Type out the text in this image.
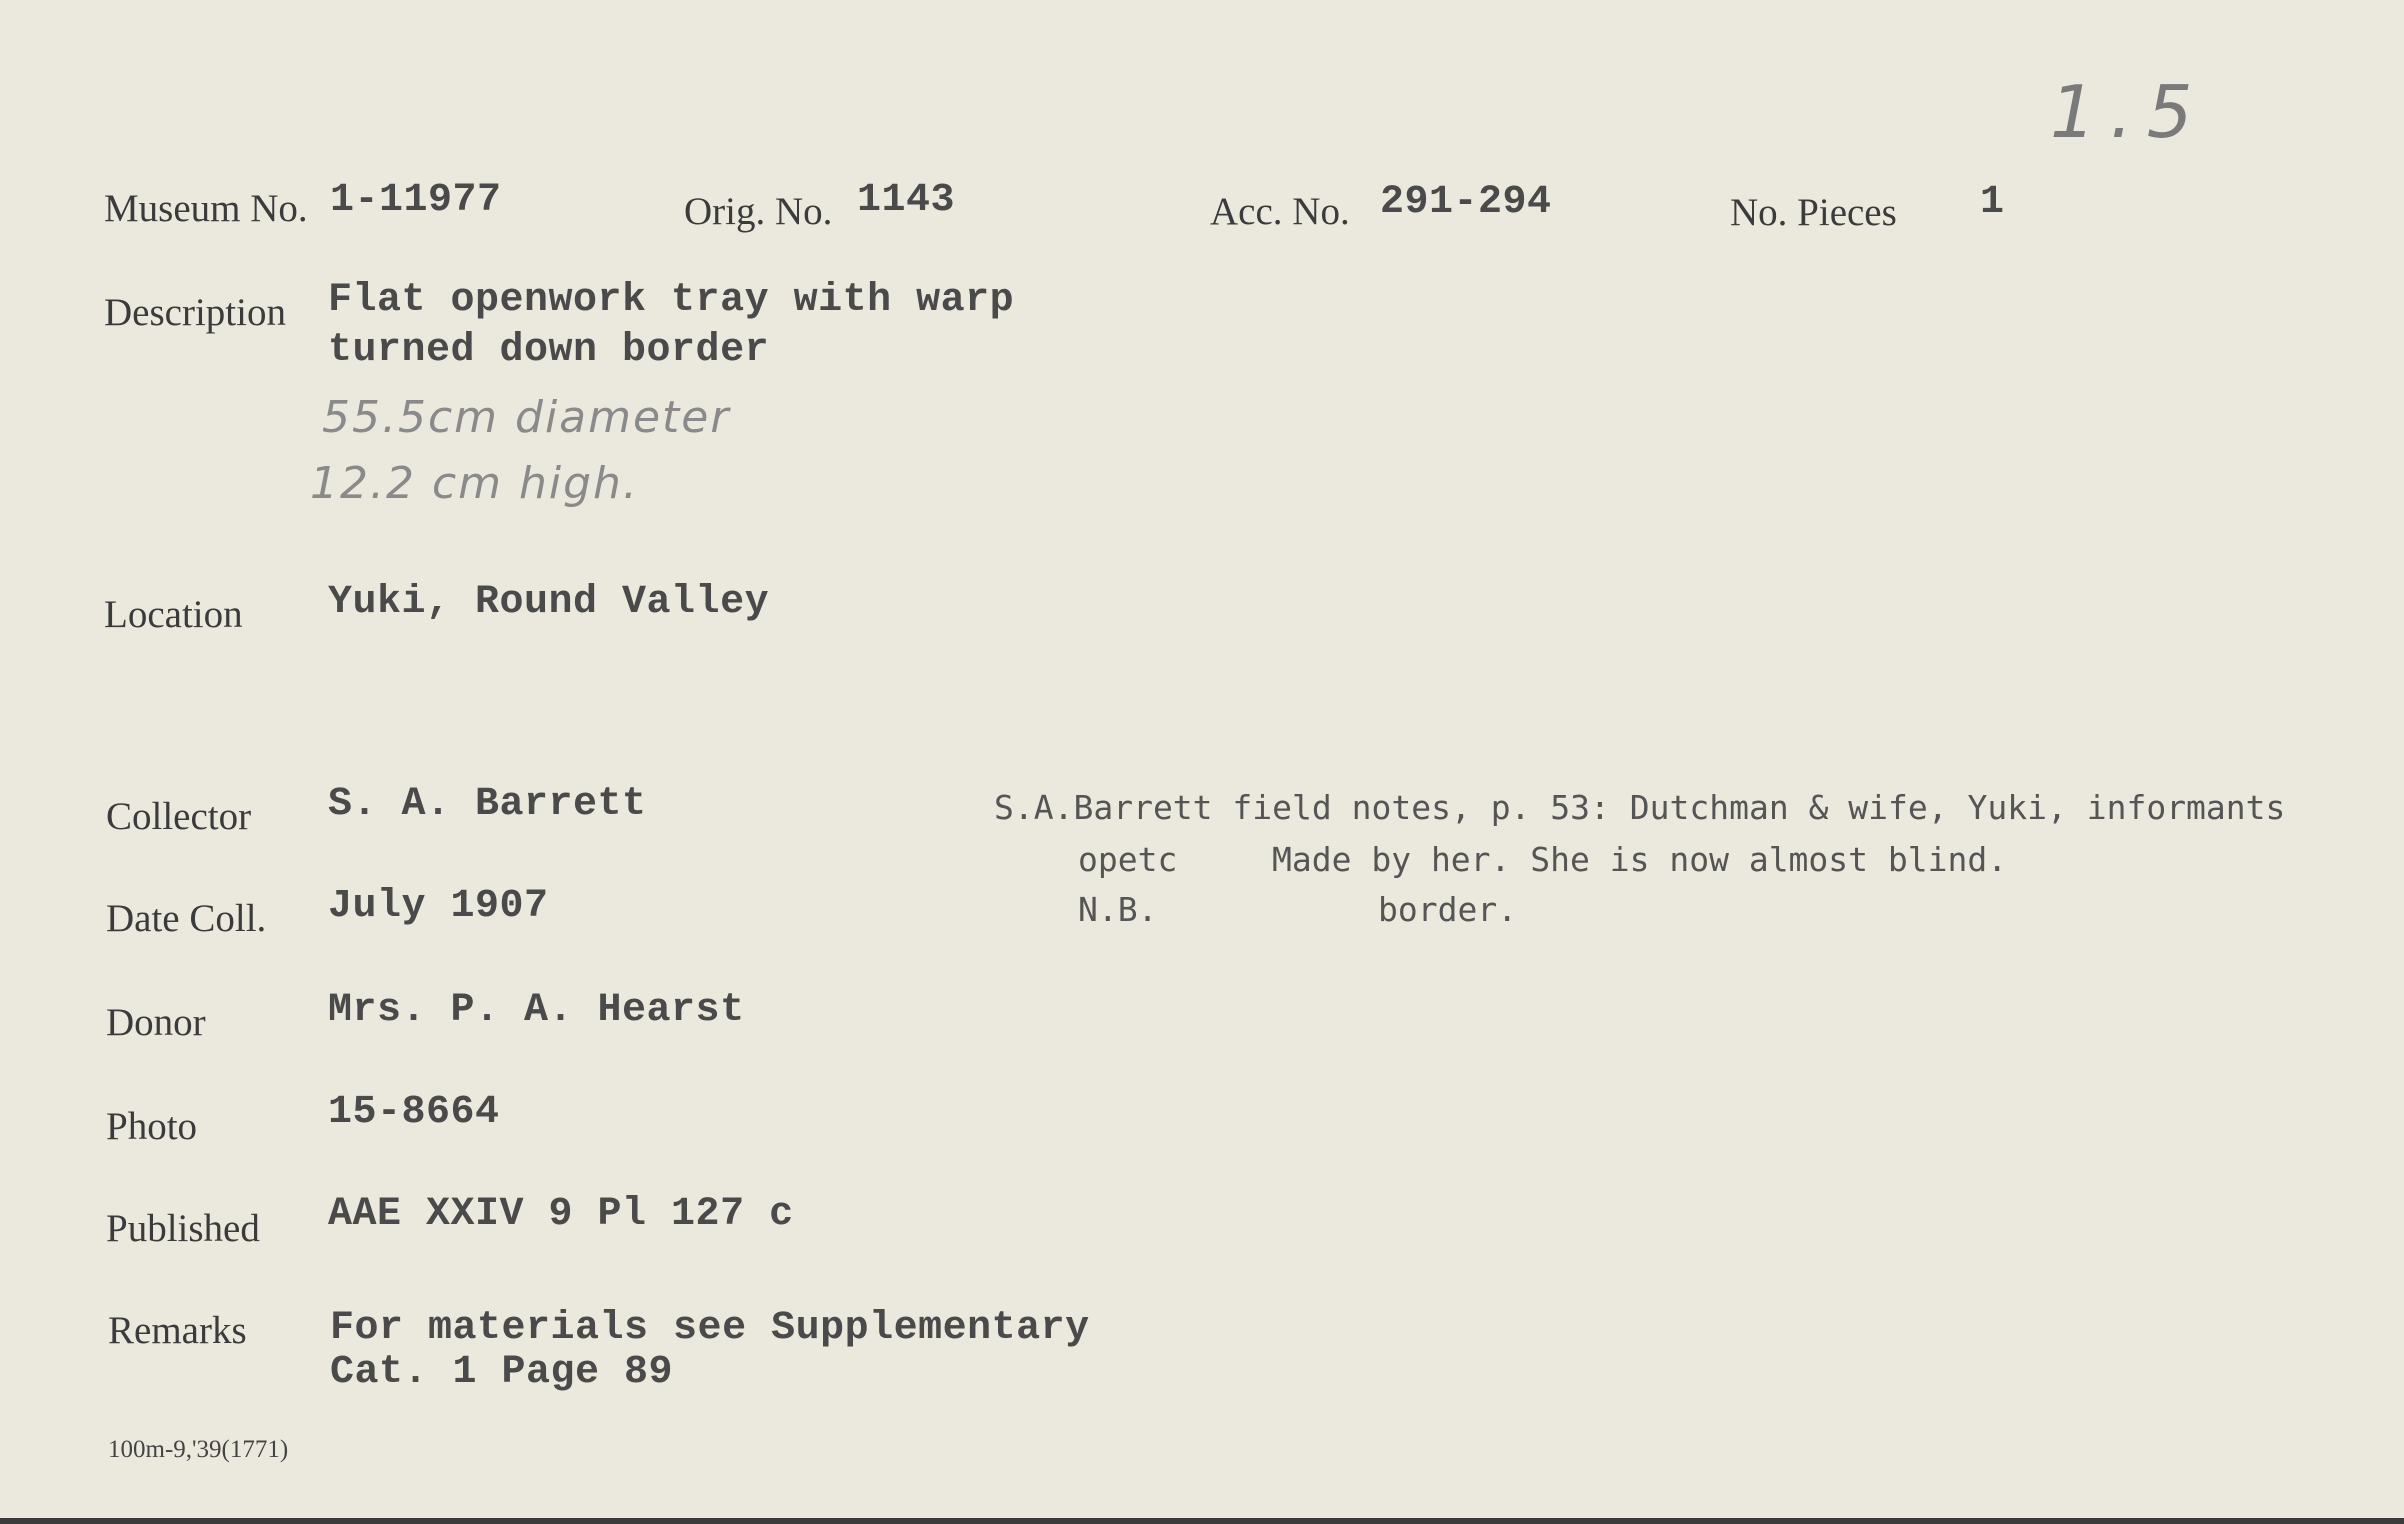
1.5
Museum No. 1-11977	Orig. No. 1143	Acc. No. 291-294	No. Pieces 1
Description Flat openwork tray with warp
turned down border
55.5cm diameter
12.2 cm high.
Location Yuki, Round Valley
Collector S. A. Barrett	S.A.Barrett field notes, p. 53: Dutchman & wife, Yuki, informants
opetc	Made by her. She is now almost blind.
N.B.	border.
Date Coll. July 1907
Donor	Mrs. P. A. Hearst
Photo	15-8664
Published AAE XXIV 9 Pl 127 c
Remarks For materials see Supplementary
Cat. 1 Page 89
100m-9,'39(1771)
